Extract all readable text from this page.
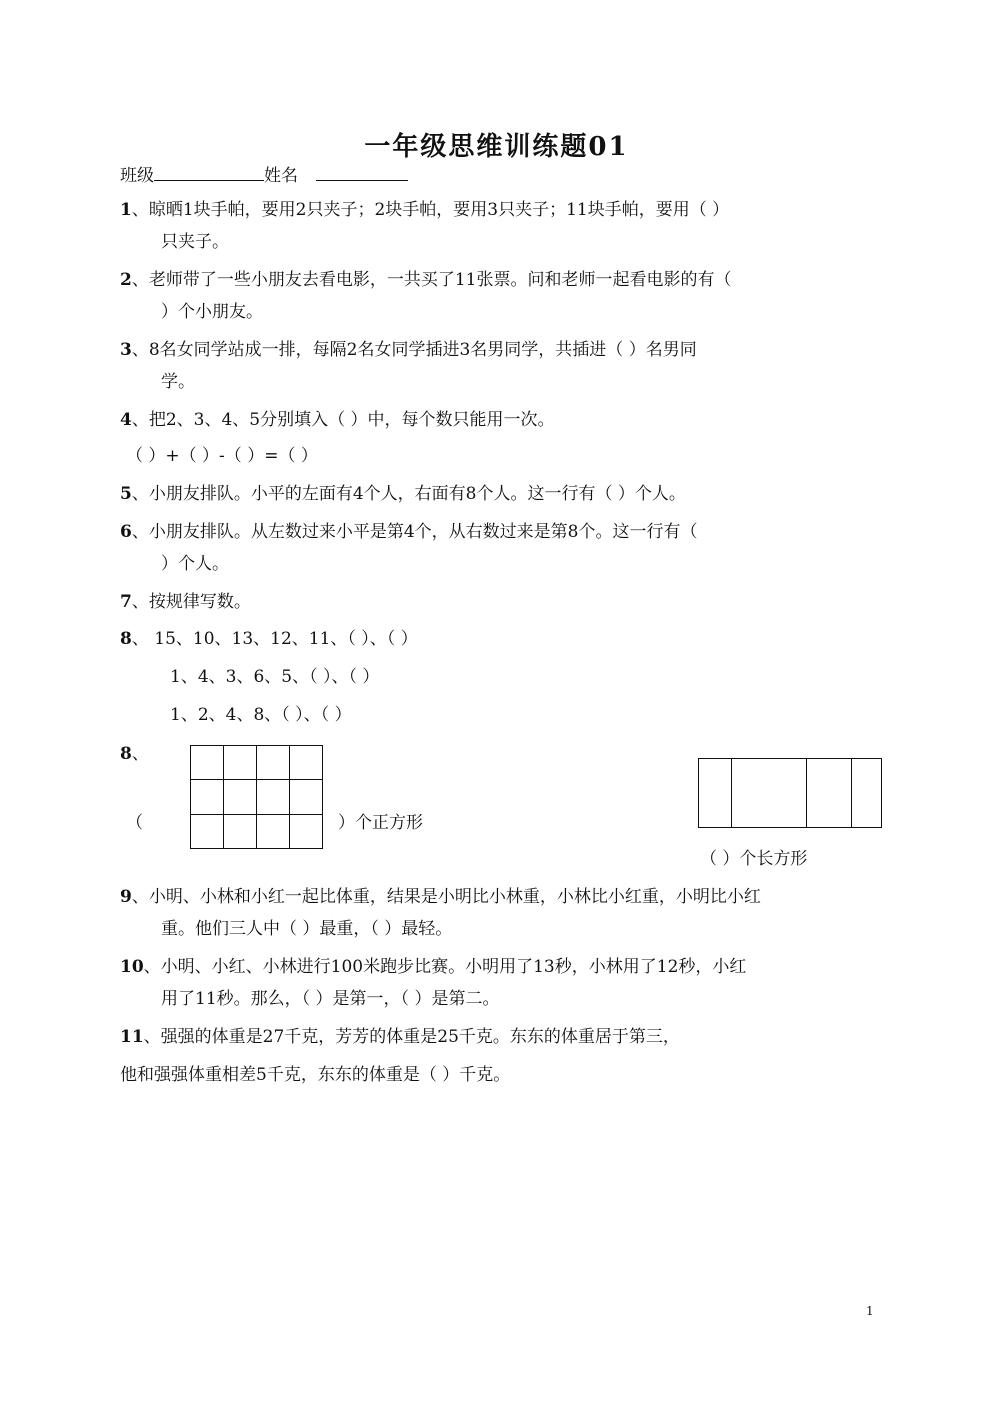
一年级思维训练题01
班级	姓名
1、晾晒1块手帕，要用2只夹子；2块手帕，要用3只夹子；11块手帕，要用（ ）
只夹子。
2、老师带了一些小朋友去看电影，一共买了11张票。问和老师一起看电影的有（
）个小朋友。
3、8名女同学站成一排，每隔2名女同学插进3名男同学，共插进（ ）名男同
学。
4、把2、3、4、5分别填入（ ）中，每个数只能用一次。
（ ）+（ ）-（ ）=（ ）
5、小朋友排队。小平的左面有4个人，右面有8个人。这一行有（ ）个人。
6、小朋友排队。从左数过来小平是第4个，从右数过来是第8个。这一行有（
）个人。
7、按规律写数。
8、 15、10、13、12、11、（ ）、（ ）
1、4、3、6、5、（ ）、（ ）
1、2、4、8、（ ）、（ ）
8、

（	）个正方形
（ ）个长方形
9、小明、小林和小红一起比体重，结果是小明比小林重，小林比小红重，小明比小红
重。他们三人中（ ）最重，（ ）最轻。
10、小明、小红、小林进行100米跑步比赛。小明用了13秒，小林用了12秒，小红
用了11秒。那么，（ ）是第一，（ ）是第二。
11、强强的体重是27千克，芳芳的体重是25千克。东东的体重居于第三，
他和强强体重相差5千克，东东的体重是（ ）千克。
1
